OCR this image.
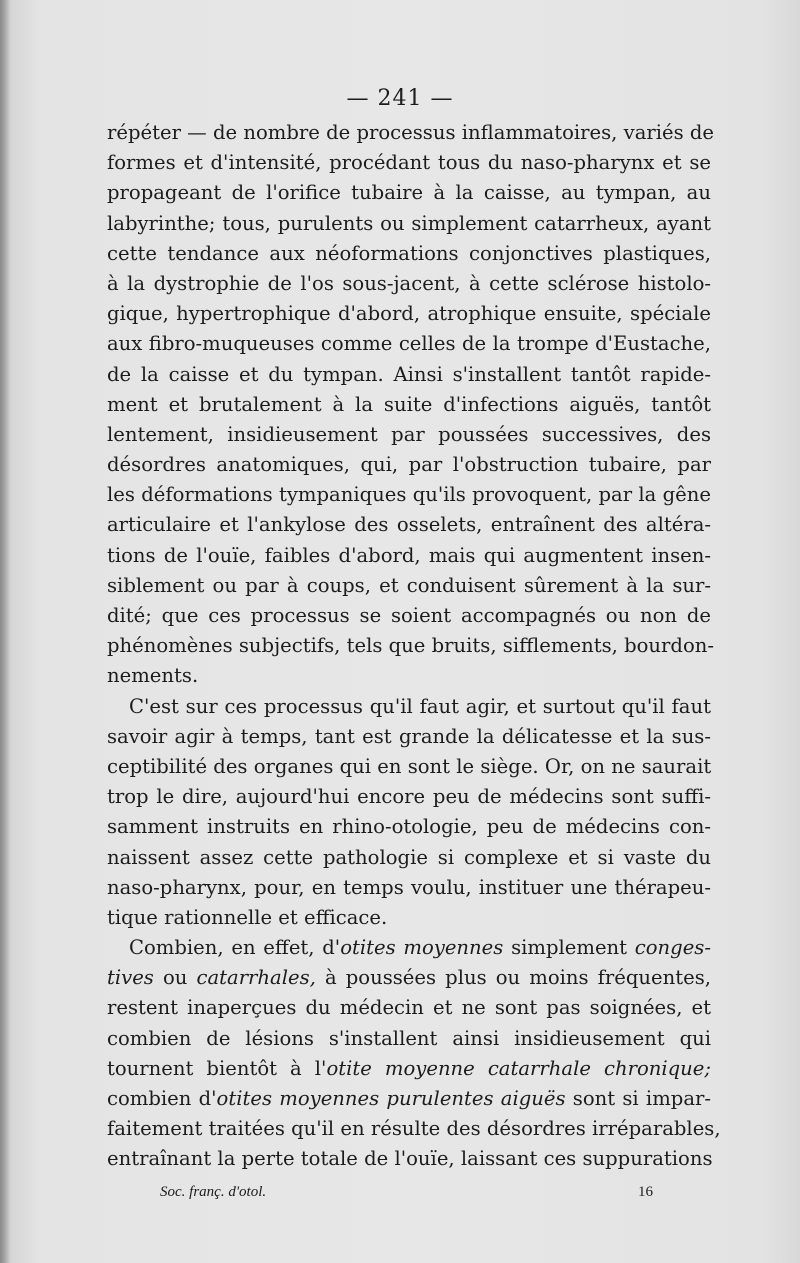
— 241 —
répéter — de nombre de processus inflammatoires, variés de
formes et d'intensité, procédant tous du naso-pharynx et se
propageant de l'orifice tubaire à la caisse, au tympan, au
labyrinthe; tous, purulents ou simplement catarrheux, ayant
cette tendance aux néoformations conjonctives plastiques,
à la dystrophie de l'os sous-jacent, à cette sclérose histolo-
gique, hypertrophique d'abord, atrophique ensuite, spéciale
aux fibro-muqueuses comme celles de la trompe d'Eustache,
de la caisse et du tympan. Ainsi s'installent tantôt rapide-
ment et brutalement à la suite d'infections aiguës, tantôt
lentement, insidieusement par poussées successives, des
désordres anatomiques, qui, par l'obstruction tubaire, par
les déformations tympaniques qu'ils provoquent, par la gêne
articulaire et l'ankylose des osselets, entraînent des altéra-
tions de l'ouïe, faibles d'abord, mais qui augmentent insen-
siblement ou par à coups, et conduisent sûrement à la sur-
dité; que ces processus se soient accompagnés ou non de
phénomènes subjectifs, tels que bruits, sifflements, bourdon-
nements.
C'est sur ces processus qu'il faut agir, et surtout qu'il faut
savoir agir à temps, tant est grande la délicatesse et la sus-
ceptibilité des organes qui en sont le siège. Or, on ne saurait
trop le dire, aujourd'hui encore peu de médecins sont suffi-
samment instruits en rhino-otologie, peu de médecins con-
naissent assez cette pathologie si complexe et si vaste du
naso-pharynx, pour, en temps voulu, instituer une thérapeu-
tique rationnelle et efficace.
Combien, en effet, d'otites moyennes simplement conges-
tives ou catarrhales, à poussées plus ou moins fréquentes,
restent inaperçues du médecin et ne sont pas soignées, et
combien de lésions s'installent ainsi insidieusement qui
tournent bientôt à l'otite moyenne catarrhale chronique;
combien d'otites moyennes purulentes aiguës sont si impar-
faitement traitées qu'il en résulte des désordres irréparables,
entraînant la perte totale de l'ouïe, laissant ces suppurations
Soc. franç. d'otol.	16
